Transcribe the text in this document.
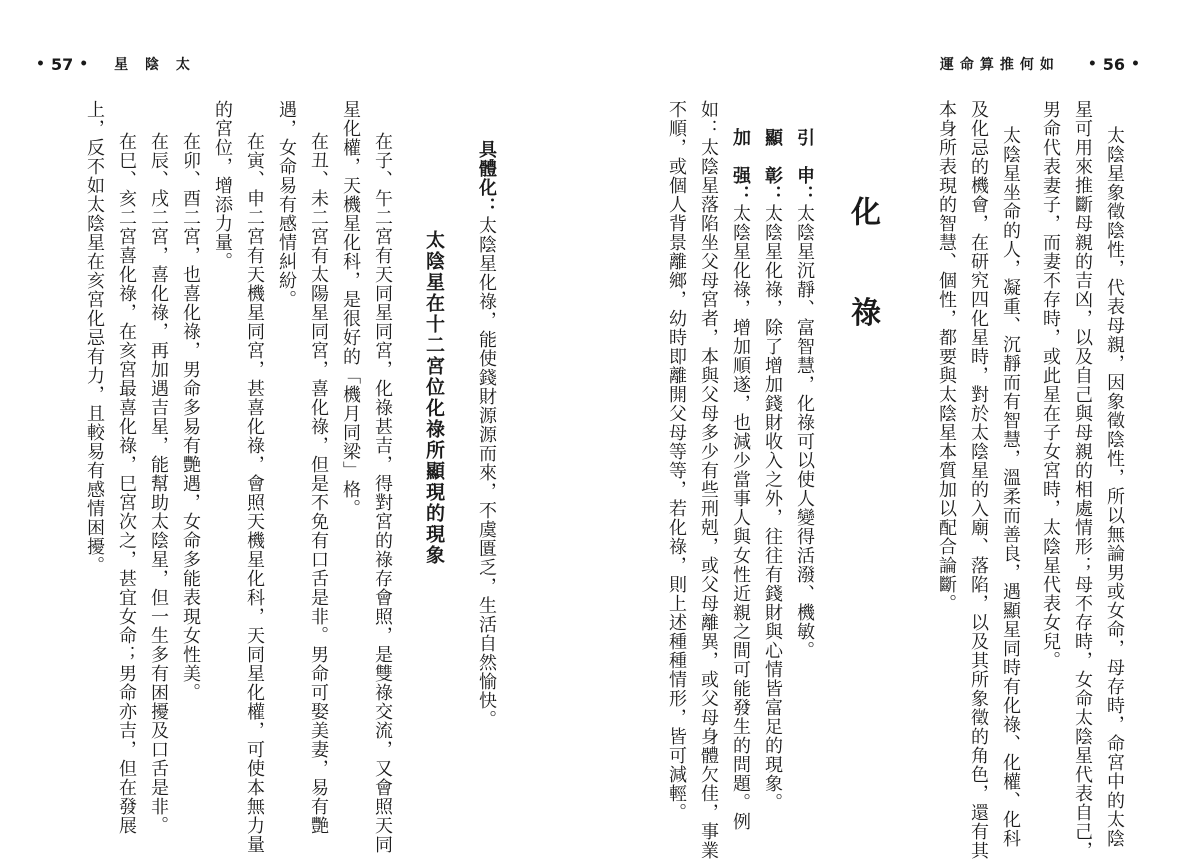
• 57 • 星 陰 太
上，反不如太陰星在亥宮化忌有力，且較易有感情困擾。 在巳、亥二宮喜化祿，在亥宮最喜化祿，巳宮次之，甚宜女命；男命亦吉，但在發展 在辰、戌二宮，喜化祿，再加遇吉星，能幫助太陰星，但一生多有困擾及口舌是非。 在卯、酉二宮，也喜化祿，男命多易有艷遇，女命多能表現女性美。 的宮位，增添力量。 在寅、申二宮有天機星同宮，甚喜化祿，會照天機星化科，天同星化權，可使本無力量 遇，女命易有感情糾紛。 在丑、未二宮有太陽星同宮，喜化祿，但是不免有口舌是非。男命可娶美妻，易有艷 星化權，天機星化科，是很好的「機月同梁」格。 在子、午二宮有天同星同宮，化祿甚吉，得對宮的祿存會照，是雙祿交流，又會照天同 太陰星在十二宮位化祿所顯現的現象
具體化：太陰星化祿，能使錢財源源而來，不虞匱乏，生活自然愉快。
運命算推何如 • 56 •
太陰星象徵陰性，代表母親，因象徵陰性，所以無論男或女命，母存時，命宮中的太陰
星可用來推斷母親的吉凶，以及自己與母親的相處情形；母不存時，女命太陰星代表自己，
男命代表妻子，而妻不存時，或此星在子女宮時，太陰星代表女兒。
太陰星坐命的人，凝重、沉靜而有智慧，溫柔而善良，遇顯星同時有化祿、化權、化科
及化忌的機會，在研究四化星時，對於太陰星的入廟、落陷，以及其所象徵的角色，還有其
本身所表現的智慧、個性，都要與太陰星本質加以配合論斷。
化 祿
引　申：太陰星沉靜、富智慧，化祿可以使人變得活潑、機敏。
顯　彰：太陰星化祿，除了增加錢財收入之外，往往有錢財與心情皆富足的現象。
加　强：太陰星化祿，增加順遂，也減少當事人與女性近親之間可能發生的問題。例
如：太陰星落陷坐父母宮者，本與父母多少有些刑剋，或父母離異，或父母身體欠佳，事業
不順，或個人背景離鄉，幼時即離開父母等等，若化祿，則上述種種情形，皆可減輕。
